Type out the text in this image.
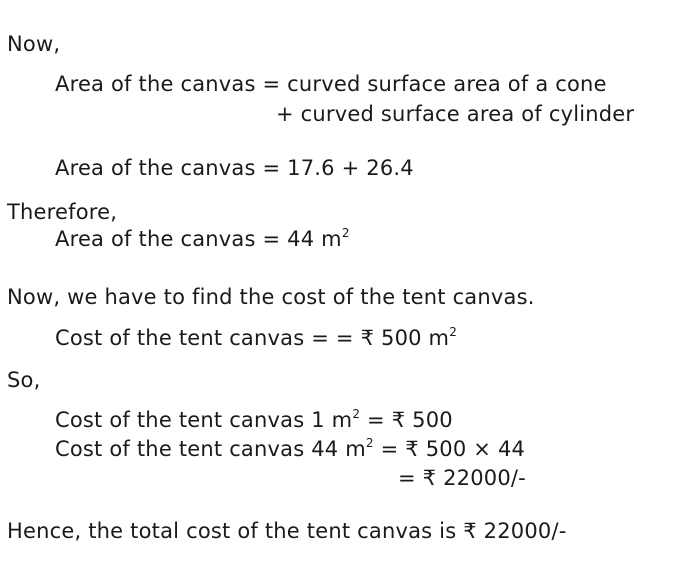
Now,
Area of the canvas = curved surface area of a cone
+ curved surface area of cylinder
Area of the canvas = 17.6 + 26.4
Therefore,
Area of the canvas = 44 $m^2$
Now, we have to find the cost of the tent canvas.
Cost of the tent canvas = = ₹ 500 $m^2$
So,
Cost of the tent canvas 1 $m^2$ = ₹ 500
Cost of the tent canvas 44 $m^2$ = ₹ 500 × 44
= ₹ 22000/-
Hence, the total cost of the tent canvas is ₹ 22000/-
